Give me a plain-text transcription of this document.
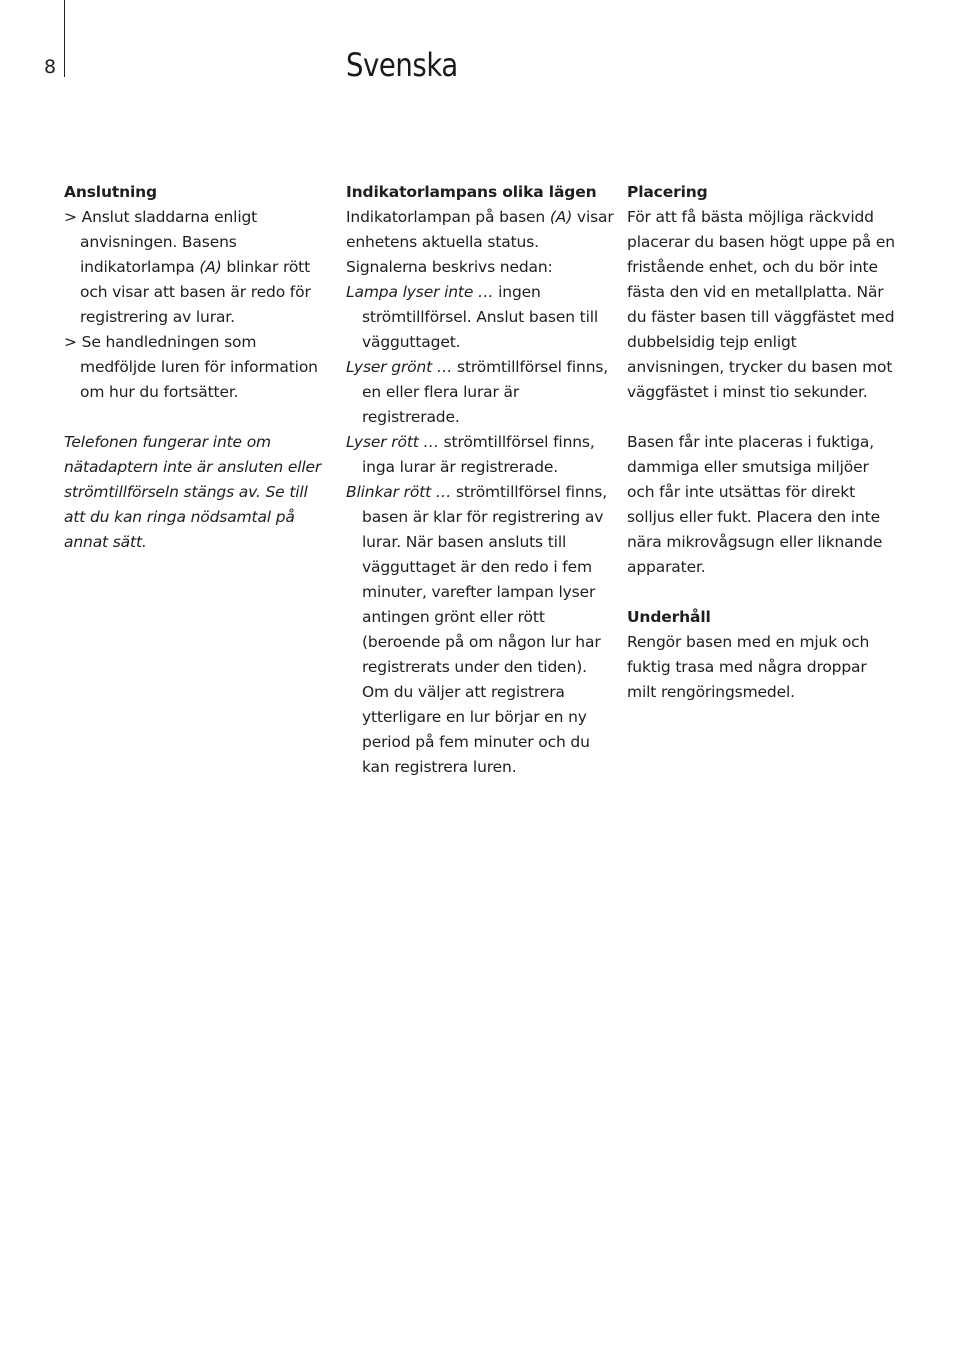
8	Svenska

Anslutning

> Anslut sladdarna enligt anvisningen. Basens indikatorlampa (A) blinkar rött och visar att basen är redo för registrering av lurar.

> Se handledningen som medföljde luren för information om hur du fortsätter.

Telefonen fungerar inte om nätadaptern inte är ansluten eller strömtillförseln stängs av. Se till att du kan ringa nödsamtal på annat sätt.

Indikatorlampans olika lägen

Indikatorlampan på basen (A) visar enhetens aktuella status. Signalerna beskrivs nedan:

Lampa lyser inte … ingen strömtillförsel. Anslut basen till vägguttaget.

Lyser grönt … strömtillförsel finns, en eller flera lurar är registrerade.

Lyser rött … strömtillförsel finns, inga lurar är registrerade.

Blinkar rött … strömtillförsel finns, basen är klar för registrering av lurar. När basen ansluts till vägguttaget är den redo i fem minuter, varefter lampan lyser antingen grönt eller rött (beroende på om någon lur har registrerats under den tiden). Om du väljer att registrera ytterligare en lur börjar en ny period på fem minuter och du kan registrera luren.

Placering

För att få bästa möjliga räckvidd placerar du basen högt uppe på en fristående enhet, och du bör inte fästa den vid en metallplatta. När du fäster basen till väggfästet med dubbelsidig tejp enligt anvisningen, trycker du basen mot väggfästet i minst tio sekunder.

Basen får inte placeras i fuktiga, dammiga eller smutsiga miljöer och får inte utsättas för direkt solljus eller fukt. Placera den inte nära mikrovågsugn eller liknande apparater.

Underhåll

Rengör basen med en mjuk och fuktig trasa med några droppar milt rengöringsmedel.
